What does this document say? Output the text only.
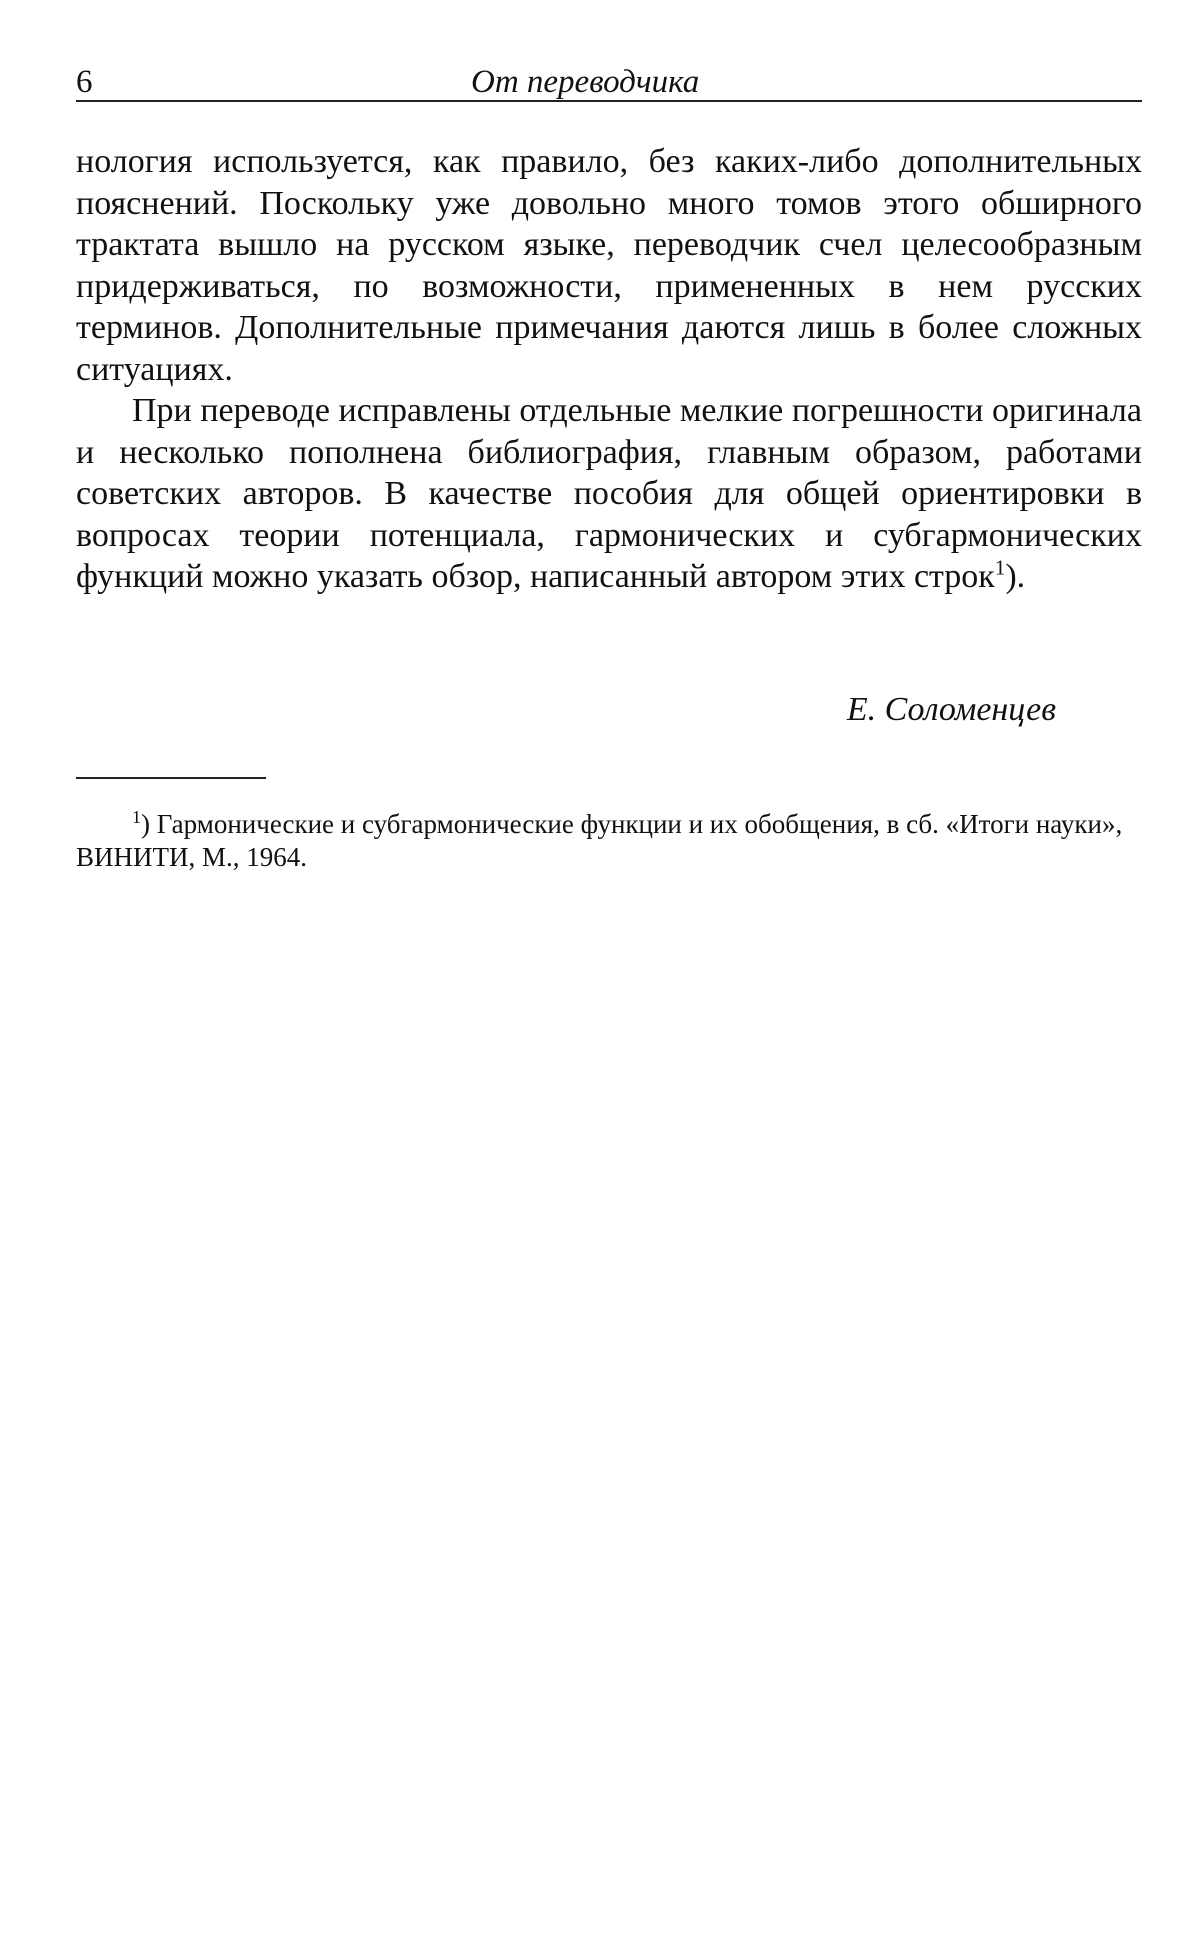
6	От переводчика

нология используется, как правило, без каких-либо дополнительных пояснений. Поскольку уже довольно много томов этого обширного трактата вышло на русском языке, переводчик счел целесообразным придерживаться, по возможности, примененных в нем русских терминов. Дополнительные примечания даются лишь в более сложных ситуациях.

При переводе исправлены отдельные мелкие погрешности оригинала и несколько пополнена библиография, главным образом, работами советских авторов. В качестве пособия для общей ориентировки в вопросах теории потенциала, гармонических и субгармонических функций можно указать обзор, написанный автором этих строк$^1$).

Е. Соломенцев

$^1$) Гармонические и субгармонические функции и их обобщения, в сб. «Итоги науки», ВИНИТИ, М., 1964.
